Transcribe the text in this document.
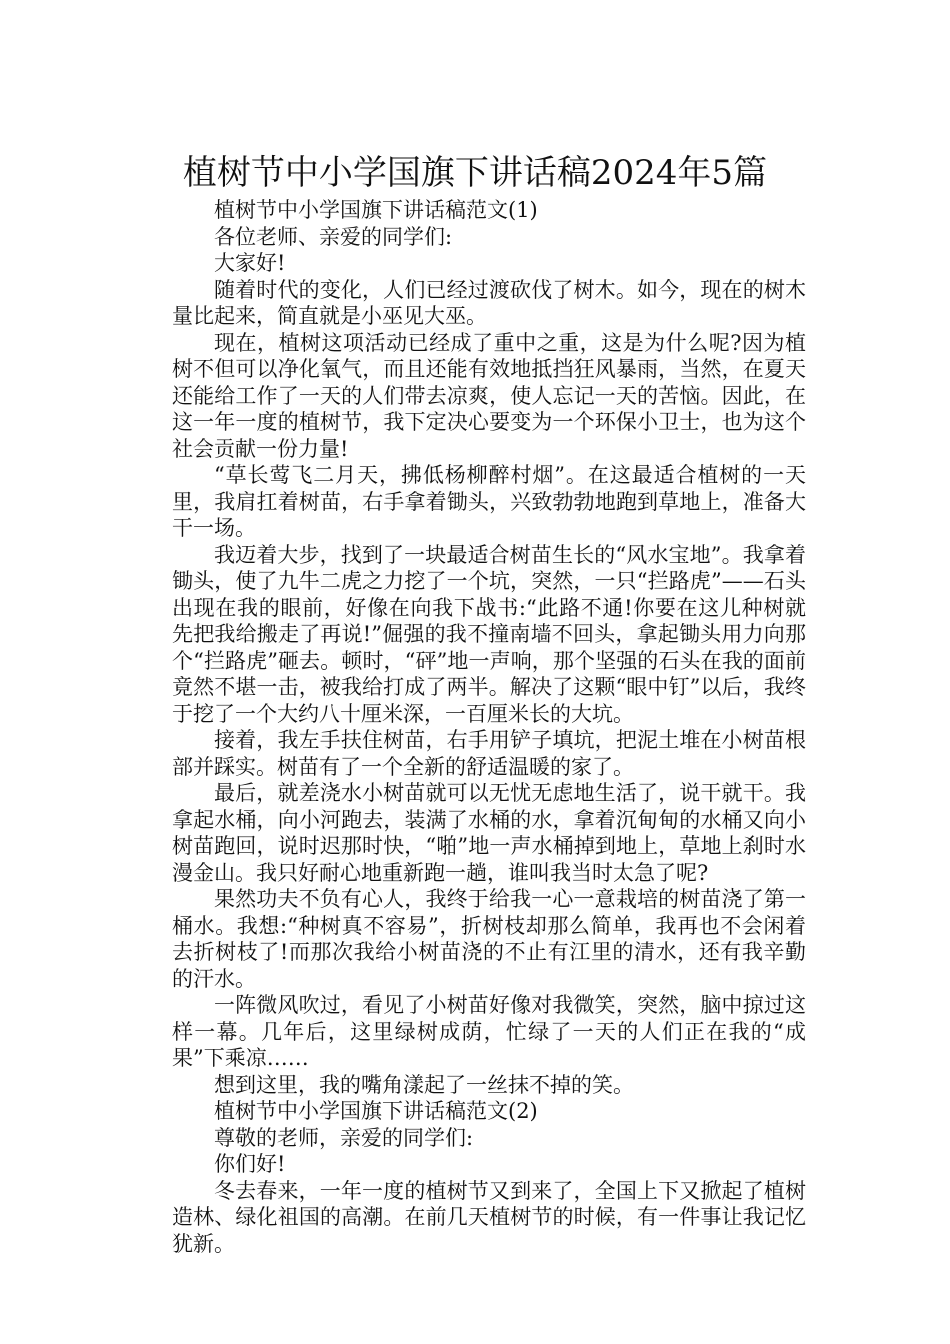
植树节中小学国旗下讲话稿2024年5篇

植树节中小学国旗下讲话稿范文(1)

各位老师、亲爱的同学们:

大家好!

随着时代的变化，人们已经过渡砍伐了树木。如今，现在的树木量比起来，简直就是小巫见大巫。

现在，植树这项活动已经成了重中之重，这是为什么呢?因为植树不但可以净化氧气，而且还能有效地抵挡狂风暴雨，当然，在夏天还能给工作了一天的人们带去凉爽，使人忘记一天的苦恼。因此，在这一年一度的植树节，我下定决心要变为一个环保小卫士，也为这个社会贡献一份力量!

“草长莺飞二月天，拂低杨柳醉村烟”。在这最适合植树的一天里，我肩扛着树苗，右手拿着锄头，兴致勃勃地跑到草地上，准备大干一场。

我迈着大步，找到了一块最适合树苗生长的“风水宝地”。我拿着锄头，使了九牛二虎之力挖了一个坑，突然，一只“拦路虎”——石头出现在我的眼前，好像在向我下战书:“此路不通!你要在这儿种树就先把我给搬走了再说!”倔强的我不撞南墙不回头，拿起锄头用力向那个“拦路虎”砸去。顿时，“砰”地一声响，那个坚强的石头在我的面前竟然不堪一击，被我给打成了两半。解决了这颗“眼中钉”以后，我终于挖了一个大约八十厘米深，一百厘米长的大坑。

接着，我左手扶住树苗，右手用铲子填坑，把泥土堆在小树苗根部并踩实。树苗有了一个全新的舒适温暖的家了。

最后，就差浇水小树苗就可以无忧无虑地生活了，说干就干。我拿起水桶，向小河跑去，装满了水桶的水，拿着沉甸甸的水桶又向小树苗跑回，说时迟那时快，“啪”地一声水桶掉到地上，草地上刹时水漫金山。我只好耐心地重新跑一趟，谁叫我当时太急了呢?

果然功夫不负有心人，我终于给我一心一意栽培的树苗浇了第一桶水。我想:“种树真不容易”，折树枝却那么简单，我再也不会闲着去折树枝了!而那次我给小树苗浇的不止有江里的清水，还有我辛勤的汗水。

一阵微风吹过，看见了小树苗好像对我微笑，突然，脑中掠过这样一幕。几年后，这里绿树成荫，忙绿了一天的人们正在我的“成果”下乘凉……

想到这里，我的嘴角漾起了一丝抹不掉的笑。

植树节中小学国旗下讲话稿范文(2)

尊敬的老师，亲爱的同学们:

你们好!

冬去春来，一年一度的植树节又到来了，全国上下又掀起了植树造林、绿化祖国的高潮。在前几天植树节的时候，有一件事让我记忆犹新。
